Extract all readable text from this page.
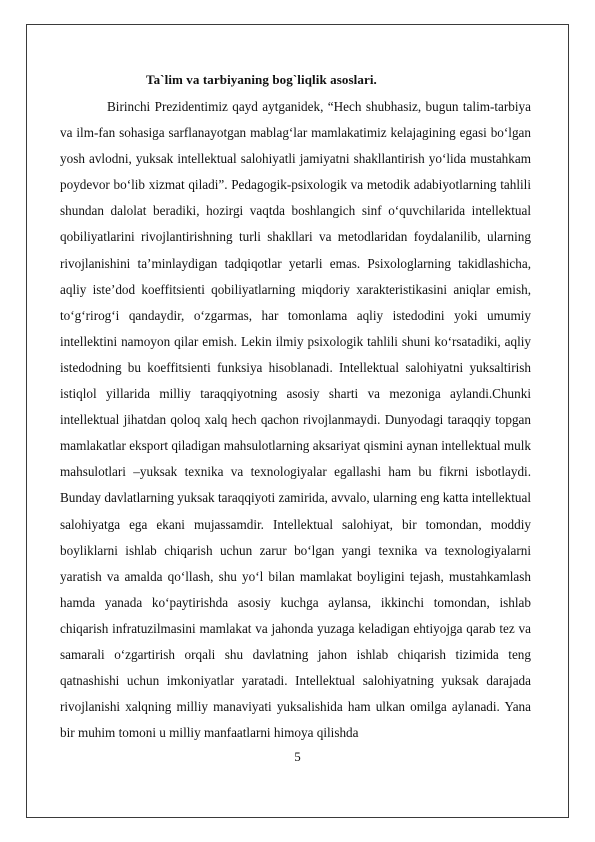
Ta`lim va tarbiyaning bog`liqlik asoslari.

Birinchi Prezidentimiz qayd aytganidek, “Hech shubhasiz, bugun talim-tarbiya va ilm-fan sohasiga sarflanayotgan mablag‘lar mamlakatimiz kelajagining egasi bo‘lgan yosh avlodni, yuksak intellektual salohiyatli jamiyatni shakllantirish yo‘lida mustahkam poydevor bo‘lib xizmat qiladi”. Pedagogik-psixologik va metodik adabiyotlarning tahlili shundan dalolat beradiki, hozirgi vaqtda boshlangich sinf o‘quvchilarida intellektual qobiliyatlarini rivojlantirishning turli shakllari va metodlaridan foydalanilib, ularning rivojlanishini ta’minlaydigan tadqiqotlar yetarli emas. Psixologlarning takidlashicha, aqliy iste’dod koeffitsienti qobiliyatlarning miqdoriy xarakteristikasini aniqlar emish, to‘g‘rirog‘i qandaydir, o‘zgarmas, har tomonlama aqliy istedodini yoki umumiy intellektini namoyon qilar emish. Lekin ilmiy psixologik tahlili shuni ko‘rsatadiki, aqliy istedodning bu koeffitsienti funksiya hisoblanadi. Intellektual salohiyatni yuksaltirish istiqlol yillarida milliy taraqqiyotning asosiy sharti va mezoniga aylandi.Chunki intellektual jihatdan qoloq xalq hech qachon rivojlanmaydi. Dunyodagi taraqqiy topgan mamlakatlar eksport qiladigan mahsulotlarning aksariyat qismini aynan intellektual mulk mahsulotlari –yuksak texnika va texnologiyalar egallashi ham bu fikrni isbotlaydi. Bunday davlatlarning yuksak taraqqiyoti zamirida, avvalo, ularning eng katta intellektual salohiyatga ega ekani mujassamdir. Intellektual salohiyat, bir tomondan, moddiy boyliklarni ishlab chiqarish uchun zarur bo‘lgan yangi texnika va texnologiyalarni yaratish va amalda qo‘llash, shu yo‘l bilan mamlakat boyligini tejash, mustahkamlash hamda yanada ko‘paytirishda asosiy kuchga aylansa, ikkinchi tomondan, ishlab chiqarish infratuzilmasini mamlakat va jahonda yuzaga keladigan ehtiyojga qarab tez va samarali o‘zgartirish orqali shu davlatning jahon ishlab chiqarish tizimida teng qatnashishi uchun imkoniyatlar yaratadi. Intellektual salohiyatning yuksak darajada rivojlanishi xalqning milliy manaviyati yuksalishida ham ulkan omilga aylanadi. Yana bir muhim tomoni u milliy manfaatlarni himoya qilishda

5
